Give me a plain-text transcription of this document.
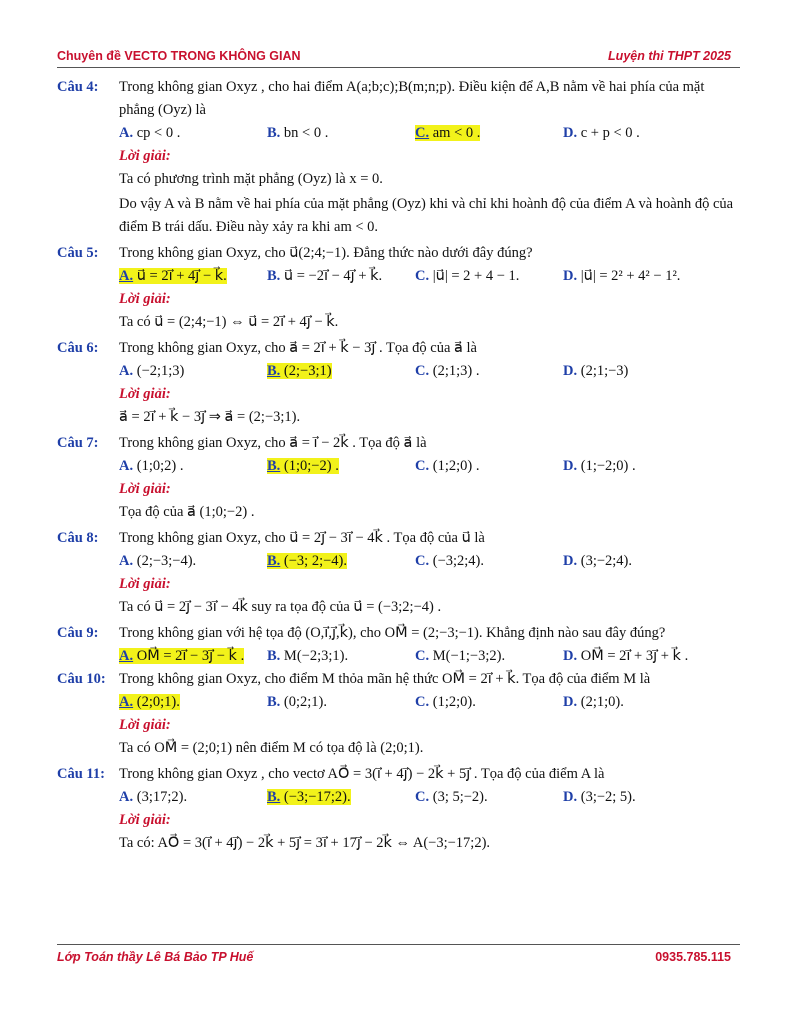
Chuyên đề VECTO TRONG KHÔNG GIAN	Luyện thi THPT 2025
Câu 4:	Trong không gian Oxyz , cho hai điểm A(a;b;c);B(m;n;p). Điều kiện để A,B nằm về hai phía của mặt phẳng (Oyz) là

A. cp < 0 .	B. bn < 0 .	C. am < 0 .	D. c + p < 0 .

Lời giải:

Ta có phương trình mặt phẳng (Oyz) là x = 0.

Do vậy A và B nằm về hai phía của mặt phẳng (Oyz) khi và chỉ khi hoành độ của điểm A và hoành độ của điểm B trái dấu. Điều này xảy ra khi am < 0.

Câu 5:	Trong không gian Oxyz, cho u⃗(2;4;−1). Đẳng thức nào dưới đây đúng?

A. u⃗ = 2i⃗ + 4j⃗ − k⃗.	B. u⃗ = −2i⃗ − 4j⃗ + k⃗.	C. |u⃗| = 2 + 4 − 1.	D. |u⃗| = 2² + 4² − 1².

Lời giải:

Ta có u⃗ = (2;4;−1) ⇔ u⃗ = 2i⃗ + 4j⃗ − k⃗.

Câu 6:	Trong không gian Oxyz, cho a⃗ = 2i⃗ + k⃗ − 3j⃗ . Tọa độ của a⃗ là

A. (−2;1;3)	B. (2;−3;1)	C. (2;1;3) .	D. (2;1;−3)

Lời giải:

a⃗ = 2i⃗ + k⃗ − 3j⃗ ⇒ a⃗ = (2;−3;1).

Câu 7:	Trong không gian Oxyz, cho a⃗ = i⃗ − 2k⃗ . Tọa độ a⃗ là

A. (1;0;2) .	B. (1;0;−2) .	C. (1;2;0) .	D. (1;−2;0) .

Lời giải:

Tọa độ của a⃗ (1;0;−2) .

Câu 8:	Trong không gian Oxyz, cho u⃗ = 2j⃗ − 3i⃗ − 4k⃗ . Tọa độ của u⃗ là

A. (2;−3;−4).	B. (−3; 2;−4).	C. (−3;2;4).	D. (3;−2;4).

Lời giải:

Ta có u⃗ = 2j⃗ − 3i⃗ − 4k⃗ suy ra tọa độ của u⃗ = (−3;2;−4) .

Câu 9:	Trong không gian với hệ tọa độ (O,i⃗,j⃗,k⃗), cho OM⃗ = (2;−3;−1). Khẳng định nào sau đây đúng?

A. OM⃗ = 2i⃗ − 3j⃗ − k⃗ .	B. M(−2;3;1).	C. M(−1;−3;2).	D. OM⃗ = 2i⃗ + 3j⃗ + k⃗ .
Câu 10: Trong không gian Oxyz, cho điểm M thỏa mãn hệ thức OM⃗ = 2i⃗ + k⃗. Tọa độ của điểm M là

A. (2;0;1).	B. (0;2;1).	C. (1;2;0).	D. (2;1;0).

Lời giải:

Ta có OM⃗ = (2;0;1) nên điểm M có tọa độ là (2;0;1).

Câu 11: Trong không gian Oxyz , cho vectơ AO⃗ = 3(i⃗ + 4j⃗) − 2k⃗ + 5j⃗ . Tọa độ của điểm A là

A. (3;17;2).	B. (−3;−17;2).	C. (3; 5;−2).	D. (3;−2; 5).

Lời giải:

Ta có: AO⃗ = 3(i⃗ + 4j⃗) − 2k⃗ + 5j⃗ = 3i⃗ + 17j⃗ − 2k⃗ ⇔ A(−3;−17;2).

Lớp Toán thầy Lê Bá Bảo TP Huế	0935.785.115
